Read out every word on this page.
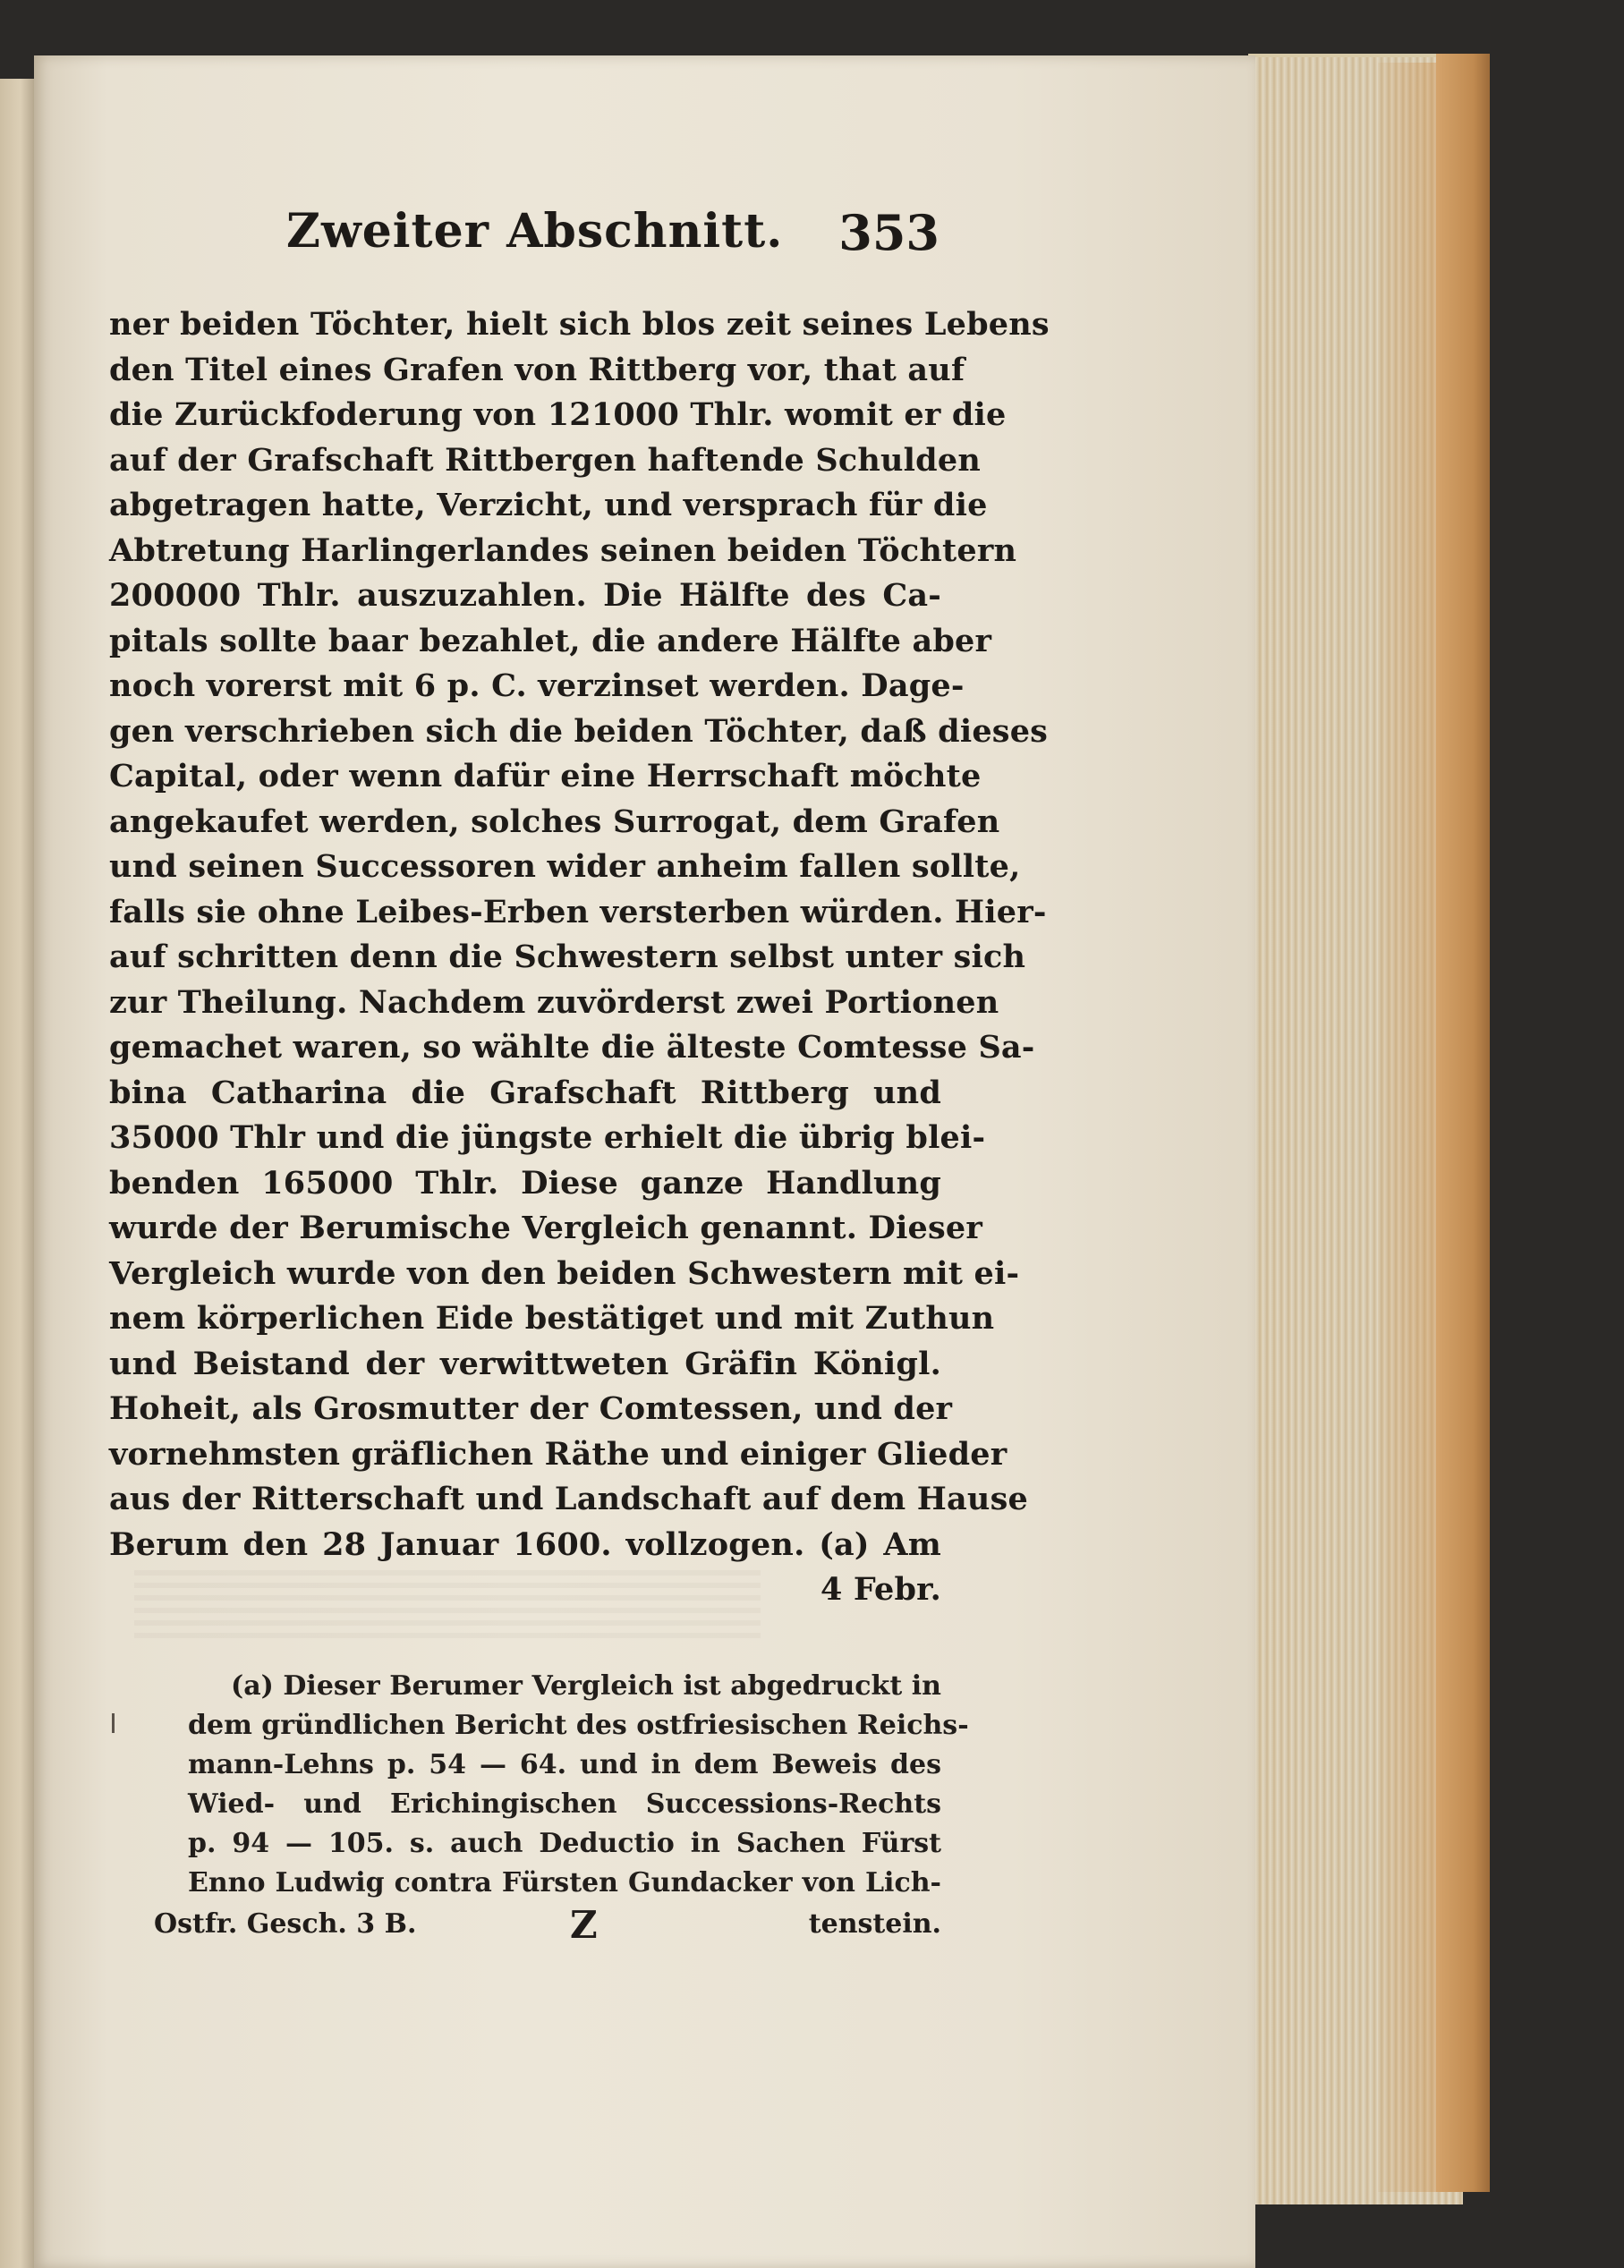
Zweiter Abschnitt. 353
ner beiden Töchter, hielt sich blos zeit seines Lebens
den Titel eines Grafen von Rittberg vor, that auf
die Zurückfoderung von 121000 Thlr. womit er die
auf der Grafschaft Rittbergen haftende Schulden
abgetragen hatte, Verzicht, und versprach für die
Abtretung Harlingerlandes seinen beiden Töchtern
200000 Thlr. auszuzahlen. Die Hälfte des Ca-
pitals sollte baar bezahlet, die andere Hälfte aber
noch vorerst mit 6 p. C. verzinset werden. Dage-
gen verschrieben sich die beiden Töchter, daß dieses
Capital, oder wenn dafür eine Herrschaft möchte
angekaufet werden, solches Surrogat, dem Grafen
und seinen Successoren wider anheim fallen sollte,
falls sie ohne Leibes-Erben versterben würden. Hier-
auf schritten denn die Schwestern selbst unter sich
zur Theilung. Nachdem zuvörderst zwei Portionen
gemachet waren, so wählte die älteste Comtesse Sa-
bina Catharina die Grafschaft Rittberg und
35000 Thlr und die jüngste erhielt die übrig blei-
benden 165000 Thlr. Diese ganze Handlung
wurde der Berumische Vergleich genannt. Dieser
Vergleich wurde von den beiden Schwestern mit ei-
nem körperlichen Eide bestätiget und mit Zuthun
und Beistand der verwittweten Gräfin Königl.
Hoheit, als Grosmutter der Comtessen, und der
vornehmsten gräflichen Räthe und einiger Glieder
aus der Ritterschaft und Landschaft auf dem Hause
Berum den 28 Januar 1600. vollzogen. (a) Am
4 Febr.
(a) Dieser Berumer Vergleich ist abgedruckt in
dem gründlichen Bericht des ostfriesischen Reichs-
mann-Lehns p. 54 — 64. und in dem Beweis des
Wied- und Erichingischen Successions-Rechts
p. 94 — 105. s. auch Deductio in Sachen Fürst
Enno Ludwig contra Fürsten Gundacker von Lich-
Ostfr. Gesch. 3 B.	Z	tenstein.
